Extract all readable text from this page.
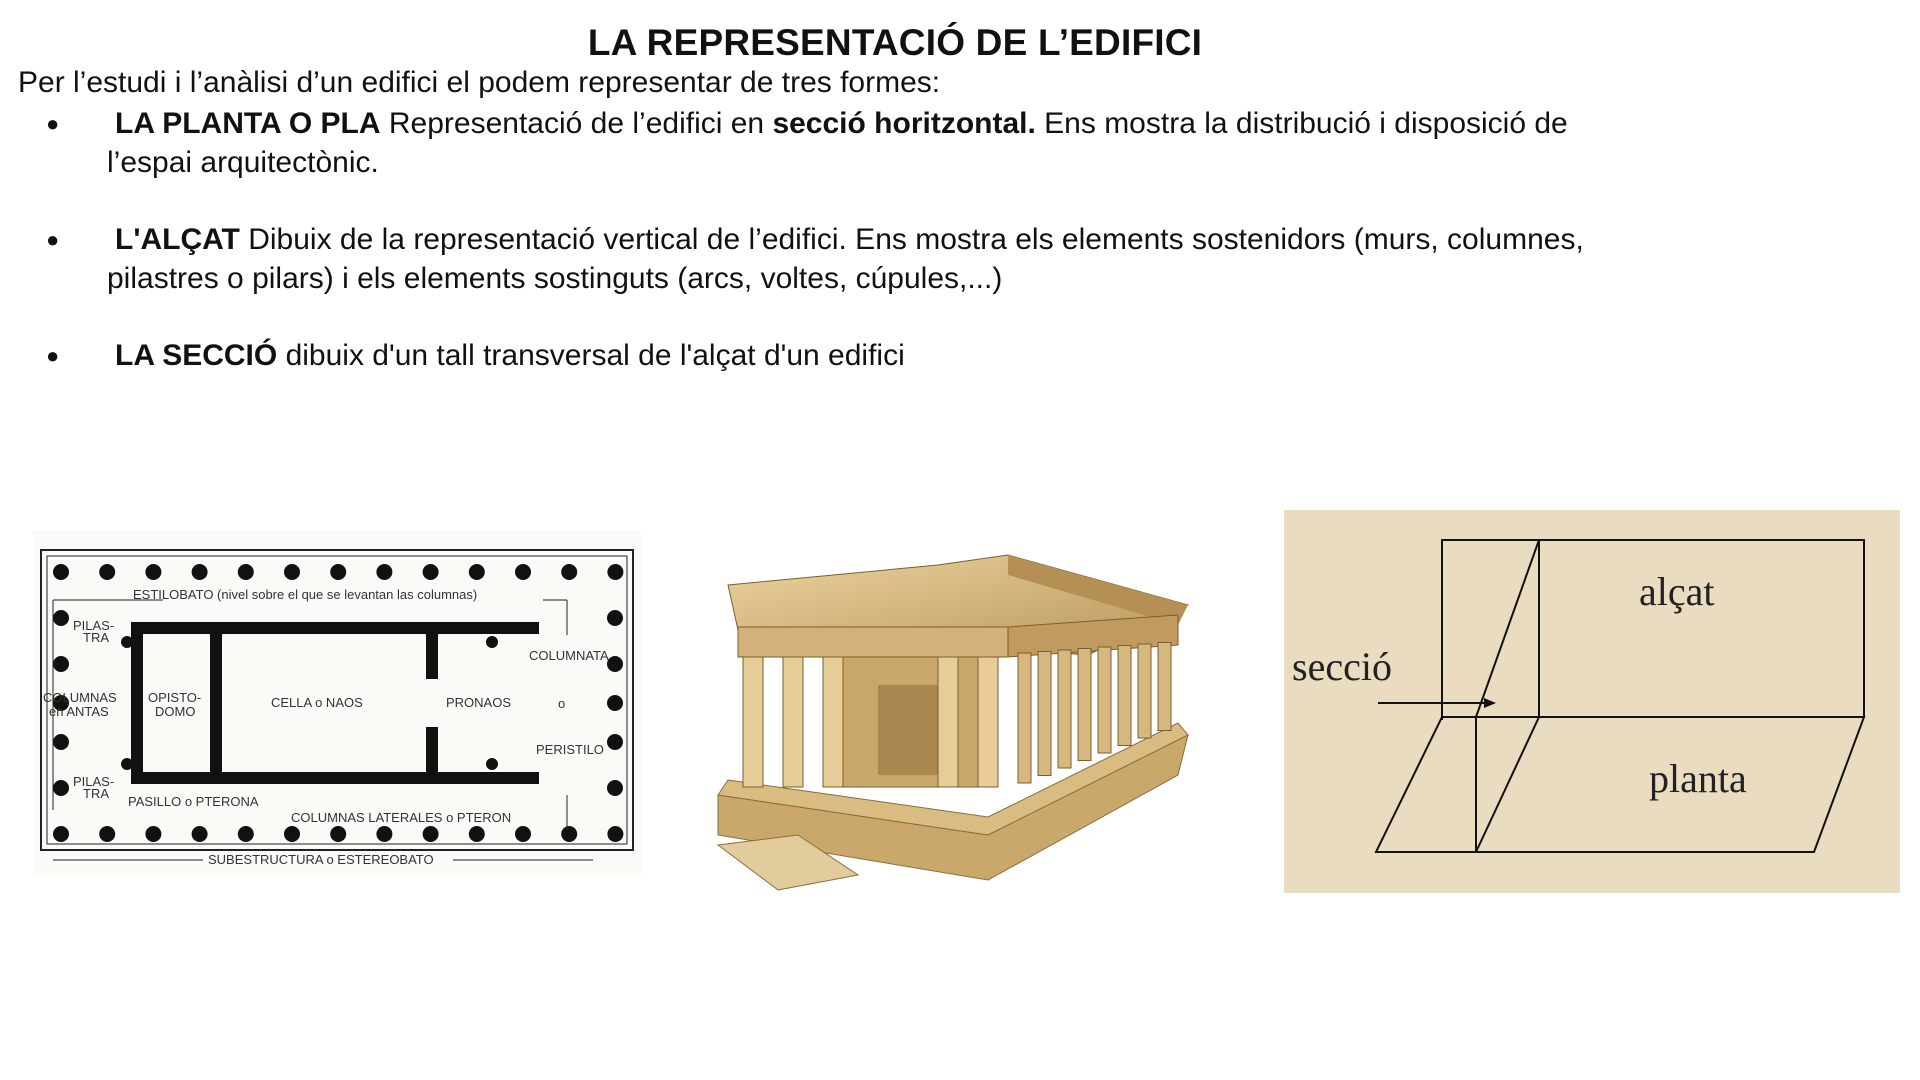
LA REPRESENTACIÓ DE L’EDIFICI
Per l’estudi i l’anàlisi d’un edifici el podem representar de tres formes:
● LA PLANTA O PLA Representació de l’edifici en secció horitzontal. Ens mostra la distribució i disposició de
l’espai arquitectònic.
● L'ALÇAT Dibuix de la representació vertical de l’edifici. Ens mostra els elements sostenidors (murs, columnes,
pilastres o pilars) i els elements sostinguts (arcs, voltes, cúpules,...)
● LA SECCIÓ dibuix d'un tall transversal de l'alçat d'un edifici
ESTILOBATO (nivel sobre el que se levantan las columnas)
PILAS-
TRA
COLUMNAS
en ANTAS
OPISTO-
DOMO
CELLA o NAOS	PRONAOS
COLUMNATA
o
PERISTILO
PILAS-
TRA
PASILLO o PTERONA
COLUMNAS LATERALES o PTERON
SUBESTRUCTURA o ESTEREOBATO
alçat
secció
planta
